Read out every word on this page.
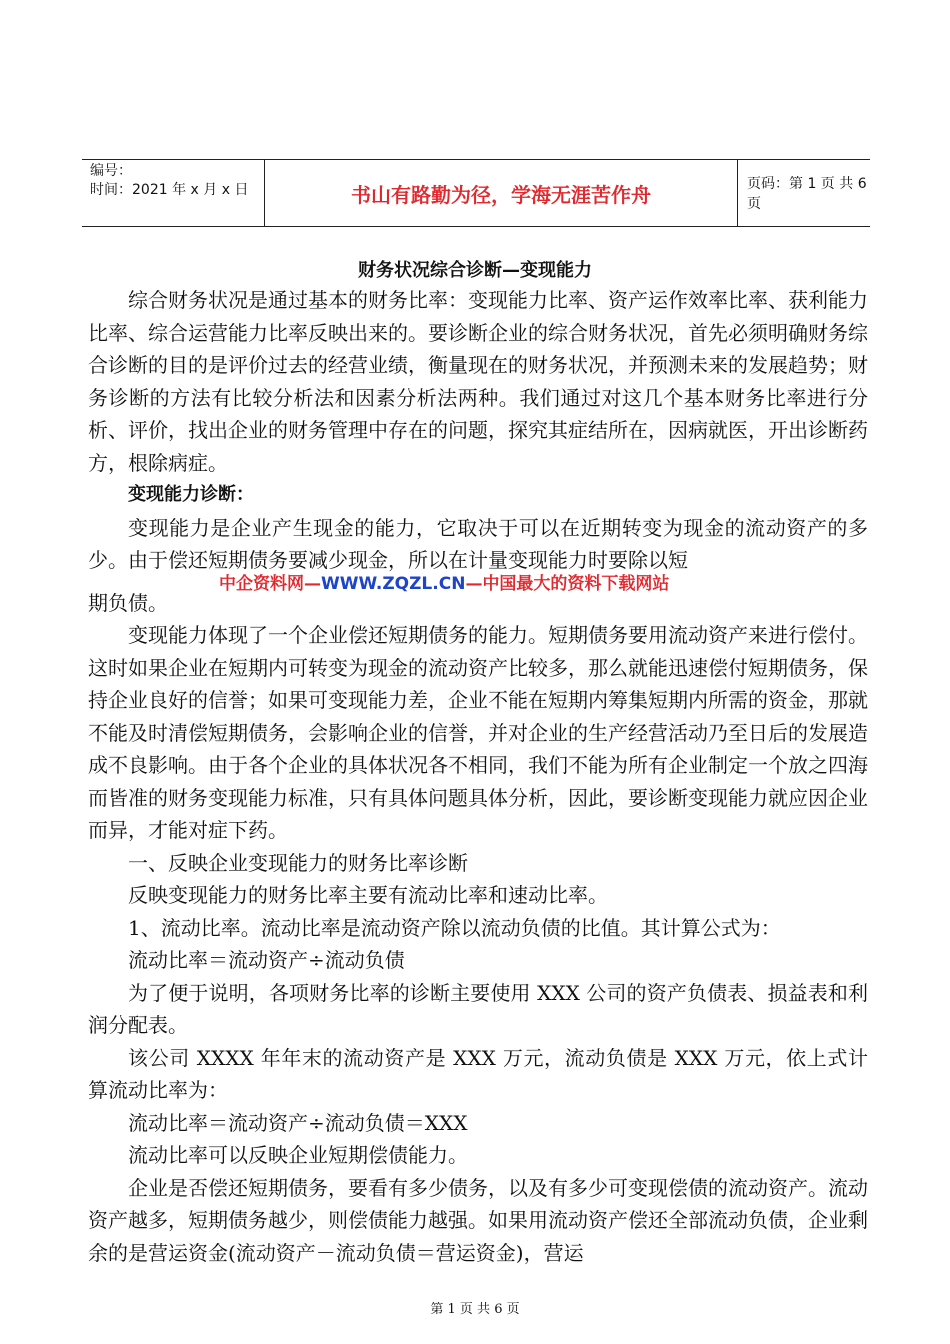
编号：
时间：2021 年 x 月 x 日	书山有路勤为径，学海无涯苦作舟	页码：第 1 页 共 6 页
财务状况综合诊断—变现能力

综合财务状况是通过基本的财务比率：变现能力比率、资产运作效率比率、获利能力比率、综合运营能力比率反映出来的。要诊断企业的综合财务状况，首先必须明确财务综合诊断的目的是评价过去的经营业绩，衡量现在的财务状况，并预测未来的发展趋势；财务诊断的方法有比较分析法和因素分析法两种。我们通过对这几个基本财务比率进行分析、评价，找出企业的财务管理中存在的问题，探究其症结所在，因病就医，开出诊断药方，根除病症。

变现能力诊断：

变现能力是企业产生现金的能力，它取决于可以在近期转变为现金的流动资产的多少。由于偿还短期债务要减少现金，所以在计量变现能力时要除以短

期负债。

变现能力体现了一个企业偿还短期债务的能力。短期债务要用流动资产来进行偿付。这时如果企业在短期内可转变为现金的流动资产比较多，那么就能迅速偿付短期债务，保持企业良好的信誉；如果可变现能力差，企业不能在短期内筹集短期内所需的资金，那就不能及时清偿短期债务，会影响企业的信誉，并对企业的生产经营活动乃至日后的发展造成不良影响。由于各个企业的具体状况各不相同，我们不能为所有企业制定一个放之四海而皆准的财务变现能力标准，只有具体问题具体分析，因此，要诊断变现能力就应因企业而异，才能对症下药。

一、反映企业变现能力的财务比率诊断

反映变现能力的财务比率主要有流动比率和速动比率。

1、流动比率。流动比率是流动资产除以流动负债的比值。其计算公式为：

流动比率＝流动资产÷流动负债

为了便于说明，各项财务比率的诊断主要使用 XXX 公司的资产负债表、损益表和利润分配表。

该公司 XXXX 年年末的流动资产是 XXX 万元，流动负债是 XXX 万元，依上式计算流动比率为：

流动比率＝流动资产÷流动负债＝XXX

流动比率可以反映企业短期偿债能力。

企业是否偿还短期债务，要看有多少债务，以及有多少可变现偿债的流动资产。流动资产越多，短期债务越少，则偿债能力越强。如果用流动资产偿还全部流动负债，企业剩余的是营运资金(流动资产－流动负债＝营运资金)，营运

中企资料网—WWW.ZQZL.CN—中国最大的资料下载网站
第 1 页 共 6 页
